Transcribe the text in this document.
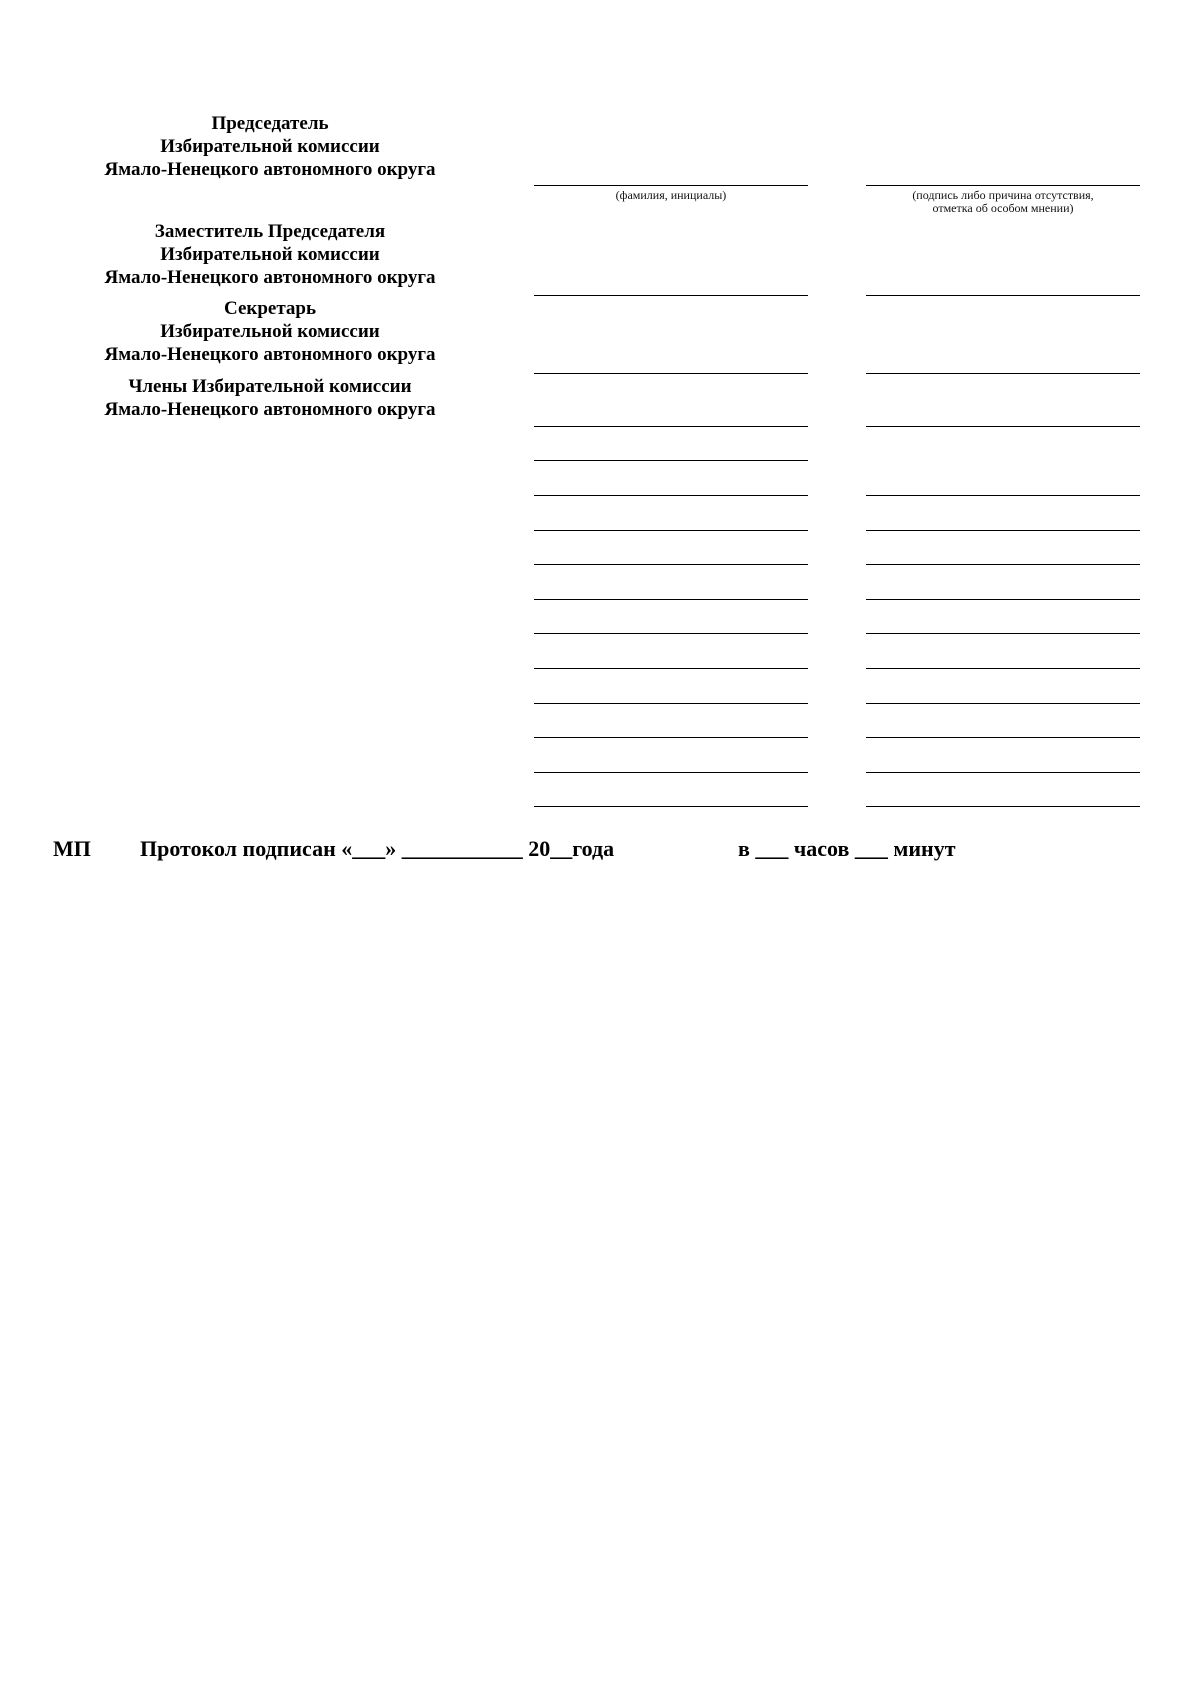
Председатель
Избирательной комиссии
Ямало-Ненецкого автономного округа
Заместитель Председателя
Избирательной комиссии
Ямало-Ненецкого автономного округа
Секретарь
Избирательной комиссии
Ямало-Ненецкого автономного округа
Члены Избирательной комиссии
Ямало-Ненецкого автономного округа
(фамилия, инициалы)	(подпись либо причина отсутствия,
отметка об особом мнении)
МП Протокол подписан «___» ___________ 20__года	в ___ часов ___ минут
